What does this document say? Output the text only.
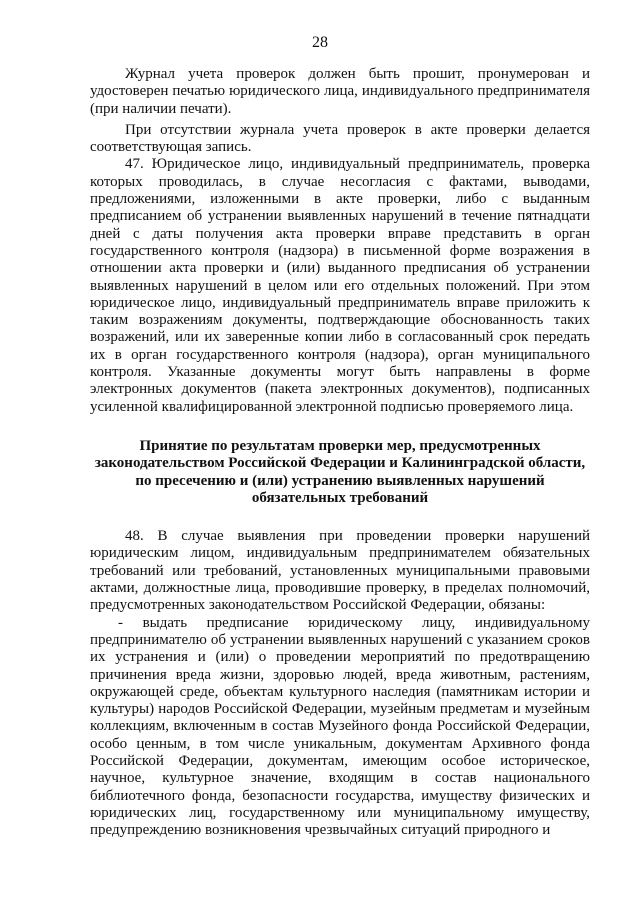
28

Журнал учета проверок должен быть прошит, пронумерован и удостоверен печатью юридического лица, индивидуального предпринимателя (при наличии печати).

При отсутствии журнала учета проверок в акте проверки делается соответствующая запись.

47. Юридическое лицо, индивидуальный предприниматель, проверка которых проводилась, в случае несогласия с фактами, выводами, предложениями, изложенными в акте проверки, либо с выданным предписанием об устранении выявленных нарушений в течение пятнадцати дней с даты получения акта проверки вправе представить в орган государственного контроля (надзора) в письменной форме возражения в отношении акта проверки и (или) выданного предписания об устранении выявленных нарушений в целом или его отдельных положений. При этом юридическое лицо, индивидуальный предприниматель вправе приложить к таким возражениям документы, подтверждающие обоснованность таких возражений, или их заверенные копии либо в согласованный срок передать их в орган государственного контроля (надзора), орган муниципального контроля. Указанные документы могут быть направлены в форме электронных документов (пакета электронных документов), подписанных усиленной квалифицированной электронной подписью проверяемого лица.

Принятие по результатам проверки мер, предусмотренных законодательством Российской Федерации и Калининградской области, по пресечению и (или) устранению выявленных нарушений обязательных требований

48. В случае выявления при проведении проверки нарушений юридическим лицом, индивидуальным предпринимателем обязательных требований или требований, установленных муниципальными правовыми актами, должностные лица, проводившие проверку, в пределах полномочий, предусмотренных законодательством Российской Федерации, обязаны:

- выдать предписание юридическому лицу, индивидуальному предпринимателю об устранении выявленных нарушений с указанием сроков их устранения и (или) о проведении мероприятий по предотвращению причинения вреда жизни, здоровью людей, вреда животным, растениям, окружающей среде, объектам культурного наследия (памятникам истории и культуры) народов Российской Федерации, музейным предметам и музейным коллекциям, включенным в состав Музейного фонда Российской Федерации, особо ценным, в том числе уникальным, документам Архивного фонда Российской Федерации, документам, имеющим особое историческое, научное, культурное значение, входящим в состав национального библиотечного фонда, безопасности государства, имуществу физических и юридических лиц, государственному или муниципальному имуществу, предупреждению возникновения чрезвычайных ситуаций природного и
